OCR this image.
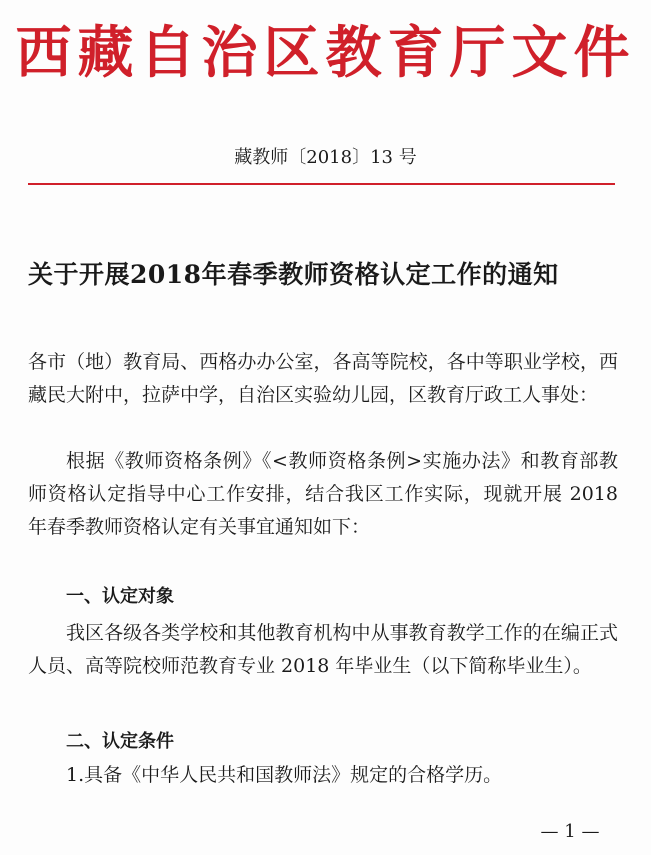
西藏自治区教育厅文件
藏教师〔2018〕13 号
关于开展2018年春季教师资格认定工作的通知

各市（地）教育局、西格办办公室，各高等院校，各中等职业学校，西藏民大附中，拉萨中学，自治区实验幼儿园，区教育厅政工人事处：

根据《教师资格条例》《<教师资格条例>实施办法》和教育部教师资格认定指导中心工作安排，结合我区工作实际，现就开展 2018 年春季教师资格认定有关事宜通知如下：

一、认定对象

我区各级各类学校和其他教育机构中从事教育教学工作的在编正式人员、高等院校师范教育专业 2018 年毕业生（以下简称毕业生）。

二、认定条件

1.具备《中华人民共和国教师法》规定的合格学历。

— 1 —
